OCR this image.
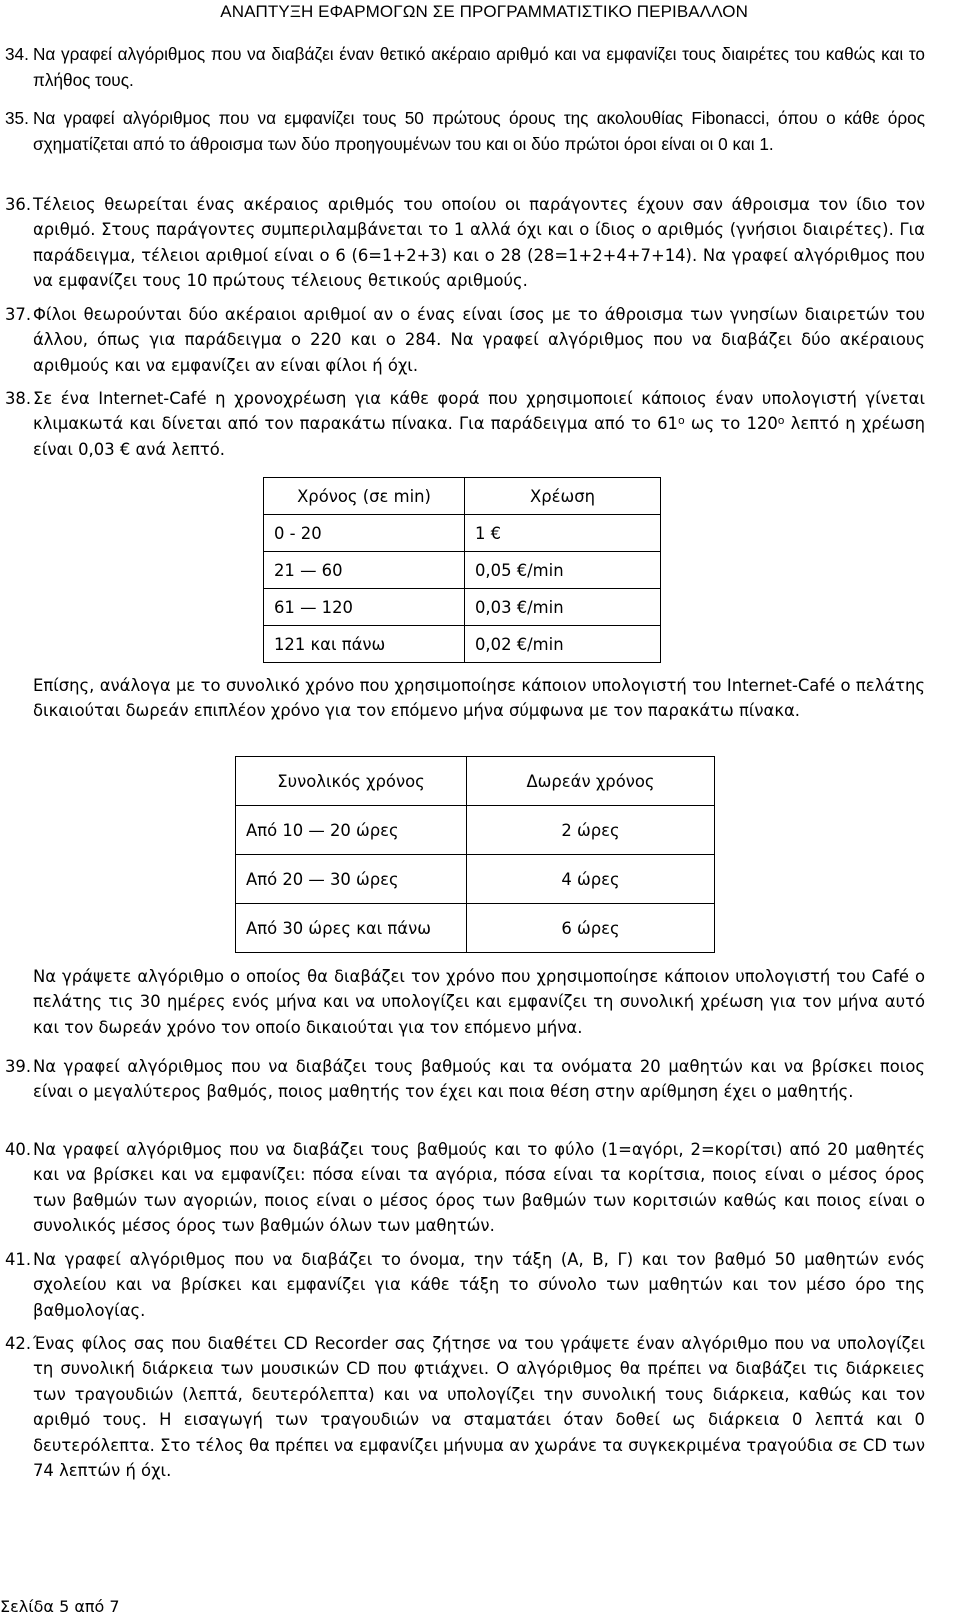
ΑΝΑΠΤΥΞΗ ΕΦΑΡΜΟΓΩΝ ΣΕ ΠΡΟΓΡΑΜΜΑΤΙΣΤΙΚΟ ΠΕΡΙΒΑΛΛΟΝ
34. Να γραφεί αλγόριθμος που να διαβάζει έναν θετικό ακέραιο αριθμό και να εμφανίζει τους διαιρέτες του καθώς και το πλήθος τους.

35. Να γραφεί αλγόριθμος που να εμφανίζει τους 50 πρώτους όρους της ακολουθίας Fibonacci, όπου ο κάθε όρος σχηματίζεται από το άθροισμα των δύο προηγουμένων του και οι δύο πρώτοι όροι είναι οι 0 και 1.

36. Τέλειος θεωρείται ένας ακέραιος αριθμός του οποίου οι παράγοντες έχουν σαν άθροισμα τον ίδιο τον αριθμό. Στους παράγοντες συμπεριλαμβάνεται το 1 αλλά όχι και ο ίδιος ο αριθμός (γνήσιοι διαιρέτες). Για παράδειγμα, τέλειοι αριθμοί είναι ο 6 (6=1+2+3) και ο 28 (28=1+2+4+7+14). Να γραφεί αλγόριθμος που να εμφανίζει τους 10 πρώτους τέλειους θετικούς αριθμούς.

37. Φίλοι θεωρούνται δύο ακέραιοι αριθμοί αν ο ένας είναι ίσος με το άθροισμα των γνησίων διαιρετών του άλλου, όπως για παράδειγμα ο 220 και ο 284. Να γραφεί αλγόριθμος που να διαβάζει δύο ακέραιους αριθμούς και να εμφανίζει αν είναι φίλοι ή όχι.

38. Σε ένα Internet-Café η χρονοχρέωση για κάθε φορά που χρησιμοποιεί κάποιος έναν υπολογιστή γίνεται κλιμακωτά και δίνεται από τον παρακάτω πίνακα. Για παράδειγμα από το $61^o$ ως το $120^o$ λεπτό η χρέωση είναι 0,03 € ανά λεπτό.

Χρόνος (σε min)	Χρέωση
0 - 20	1 €
21 — 60	0,05 €/min
61 — 120	0,03 €/min
121 και πάνω	0,02 €/min
Επίσης, ανάλογα με το συνολικό χρόνο που χρησιμοποίησε κάποιον υπολογιστή του Internet-Café ο πελάτης δικαιούται δωρεάν επιπλέον χρόνο για τον επόμενο μήνα σύμφωνα με τον παρακάτω πίνακα.
Συνολικός χρόνος	Δωρεάν χρόνος
Από 10 — 20 ώρες	2 ώρες
Από 20 — 30 ώρες	4 ώρες
Από 30 ώρες και πάνω	6 ώρες
Να γράψετε αλγόριθμο ο οποίος θα διαβάζει τον χρόνο που χρησιμοποίησε κάποιον υπολογιστή του Café ο πελάτης τις 30 ημέρες ενός μήνα και να υπολογίζει και εμφανίζει τη συνολική χρέωση για τον μήνα αυτό και τον δωρεάν χρόνο τον οποίο δικαιούται για τον επόμενο μήνα.
39. Να γραφεί αλγόριθμος που να διαβάζει τους βαθμούς και τα ονόματα 20 μαθητών και να βρίσκει ποιος είναι ο μεγαλύτερος βαθμός, ποιος μαθητής τον έχει και ποια θέση στην αρίθμηση έχει ο μαθητής.

40. Να γραφεί αλγόριθμος που να διαβάζει τους βαθμούς και το φύλο (1=αγόρι, 2=κορίτσι) από 20 μαθητές και να βρίσκει και να εμφανίζει: πόσα είναι τα αγόρια, πόσα είναι τα κορίτσια, ποιος είναι ο μέσος όρος των βαθμών των αγοριών, ποιος είναι ο μέσος όρος των βαθμών των κοριτσιών καθώς και ποιος είναι ο συνολικός μέσος όρος των βαθμών όλων των μαθητών.

41. Να γραφεί αλγόριθμος που να διαβάζει το όνομα, την τάξη (Α, Β, Γ) και τον βαθμό 50 μαθητών ενός σχολείου και να βρίσκει και εμφανίζει για κάθε τάξη το σύνολο των μαθητών και τον μέσο όρο της βαθμολογίας.

42. Ένας φίλος σας που διαθέτει CD Recorder σας ζήτησε να του γράψετε έναν αλγόριθμο που να υπολογίζει τη συνολική διάρκεια των μουσικών CD που φτιάχνει. Ο αλγόριθμος θα πρέπει να διαβάζει τις διάρκειες των τραγουδιών (λεπτά, δευτερόλεπτα) και να υπολογίζει την συνολική τους διάρκεια, καθώς και τον αριθμό τους. Η εισαγωγή των τραγουδιών να σταματάει όταν δοθεί ως διάρκεια 0 λεπτά και 0 δευτερόλεπτα. Στο τέλος θα πρέπει να εμφανίζει μήνυμα αν χωράνε τα συγκεκριμένα τραγούδια σε CD των 74 λεπτών ή όχι.

Σελίδα 5 από 7
